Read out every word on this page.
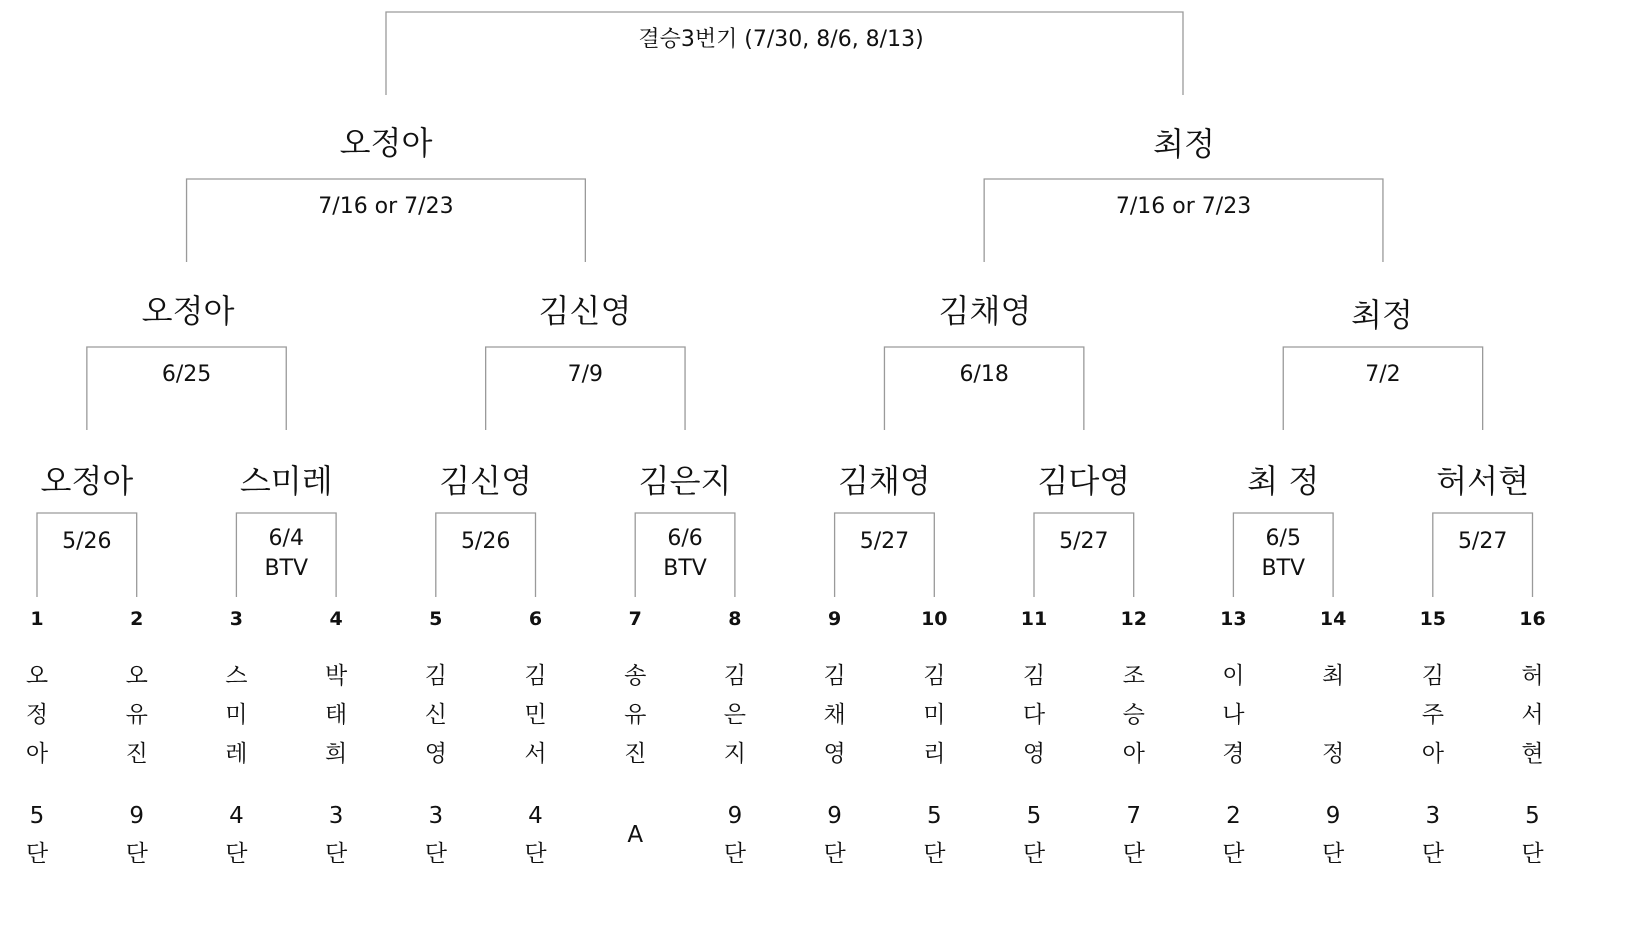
오정아
5/26
스미레
6/4
BTV
김신영
5/26
김은지
6/6
BTV
김채영
5/27
김다영
5/27
최 정
6/5
BTV
허서현
5/27
6/25
오정아
7/9
김신영
6/18
김채영
7/2
최정
7/16 or 7/23	7/16 or 7/23
오정아	최정
결승3번기 (7/30, 8/6, 8/13)
1
오
정
아
5
단
2
오
유
진
9
단
3
스
미
레
4
단
4
박
태
희
3
단
5
김
신
영
3
단
6
김
민
서
4
단
7
송
유
진
A
8
김
은
지
9
단
9
김
채
영
9
단
10
김
미
리
5
단
11
김
다
영
5
단
12
조
승
아
7
단
13
이
나
경
2
단
14
최
정
9
단
15
김
주
아
3
단
16
허
서
현
5
단
